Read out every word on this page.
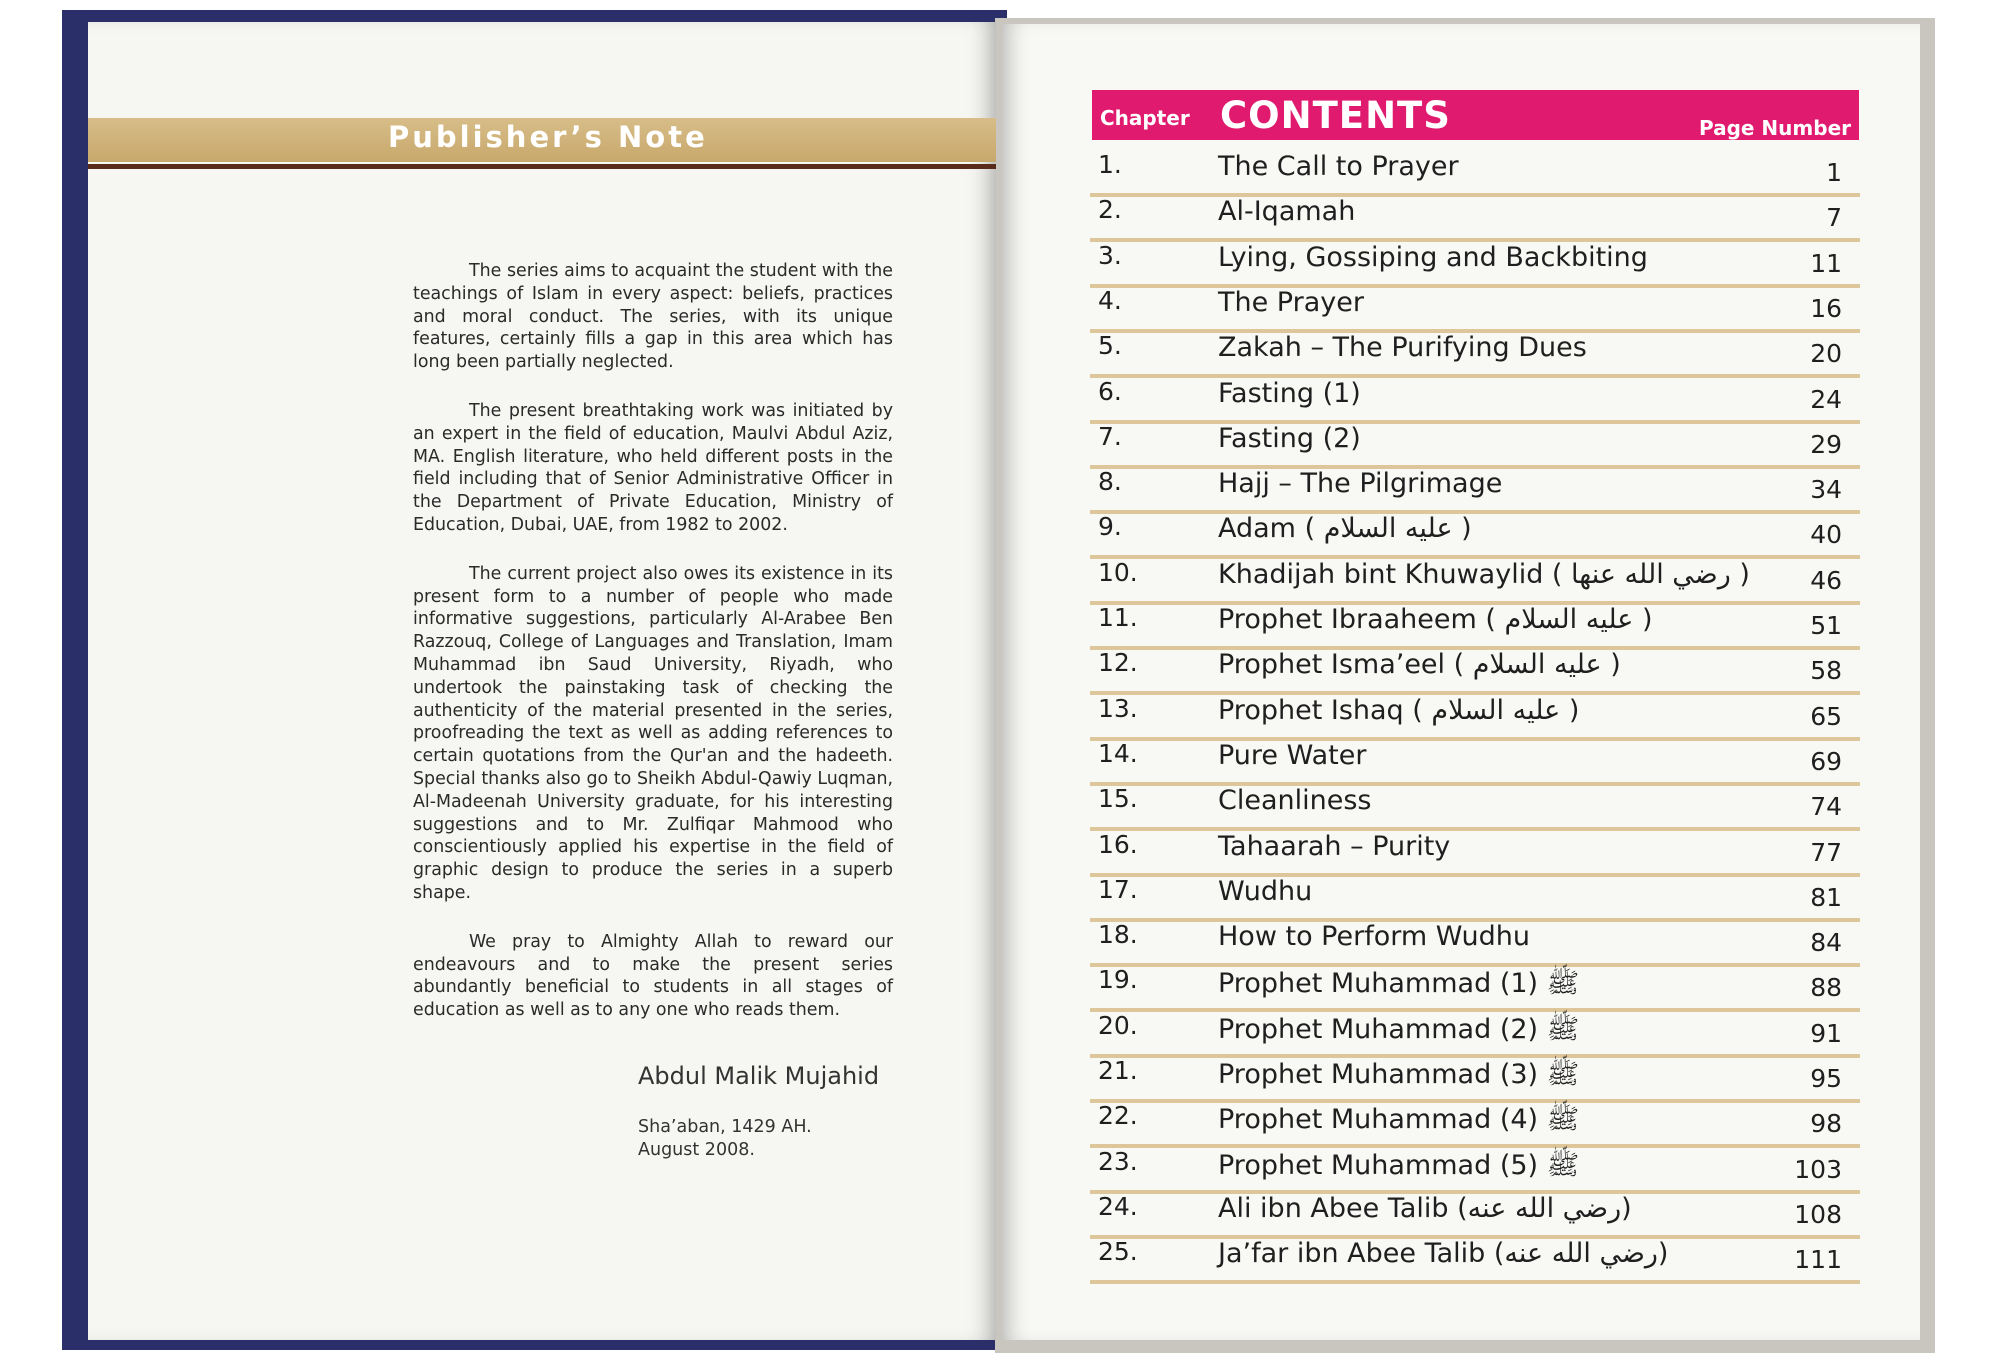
Publisher’s Note

The series aims to acquaint the student with the teachings of Islam in every aspect: beliefs, practices and moral conduct. The series, with its unique features, certainly fills a gap in this area which has long been partially neglected.

The present breathtaking work was initiated by an expert in the field of education, Maulvi Abdul Aziz, MA. English literature, who held different posts in the field including that of Senior Administrative Officer in the Department of Private Education, Ministry of Education, Dubai, UAE, from 1982 to 2002.

The current project also owes its existence in its present form to a number of people who made informative suggestions, particularly Al-Arabee Ben Razzouq, College of Languages and Translation, Imam Muhammad ibn Saud University, Riyadh, who undertook the painstaking task of checking the authenticity of the material presented in the series, proofreading the text as well as adding references to certain quotations from the Qur'an and the hadeeth. Special thanks also go to Sheikh Abdul-Qawiy Luqman, Al-Madeenah University graduate, for his interesting suggestions and to Mr. Zulfiqar Mahmood who conscientiously applied his expertise in the field of graphic design to produce the series in a superb shape.

We pray to Almighty Allah to reward our endeavours and to make the present series abundantly beneficial to students in all stages of education as well as to any one who reads them.

Abdul Malik Mujahid
Sha’aban, 1429 AH.
August 2008.
Chapter CONTENTS	Page Number
1.	The Call to Prayer	1
2.	Al-Iqamah	7
3.	Lying, Gossiping and Backbiting	11
4.	The Prayer	16
5.	Zakah – The Purifying Dues	20
6.	Fasting (1)	24
7.	Fasting (2)	29
8.	Hajj – The Pilgrimage	34
9.	Adam ( عليه السلام )	40
10.	Khadijah bint Khuwaylid ( رضي الله عنها ) 46
11.	Prophet Ibraaheem ( عليه السلام )	51
12.	Prophet Isma’eel ( عليه السلام )	58
13.	Prophet Ishaq ( عليه السلام )	65
14.	Pure Water	69
15.	Cleanliness	74
16.	Tahaarah – Purity	77
17.	Wudhu	81
18.	How to Perform Wudhu	84
19.	Prophet Muhammad ﷺ (1)	88
20.	Prophet Muhammad ﷺ (2)	91
21.	Prophet Muhammad ﷺ (3)	95
22.	Prophet Muhammad ﷺ (4)	98
23.	Prophet Muhammad ﷺ (5)	103
24.	Ali ibn Abee Talib (رضي الله عنه)	108
25.	Ja’far ibn Abee Talib (رضي الله عنه)	111
